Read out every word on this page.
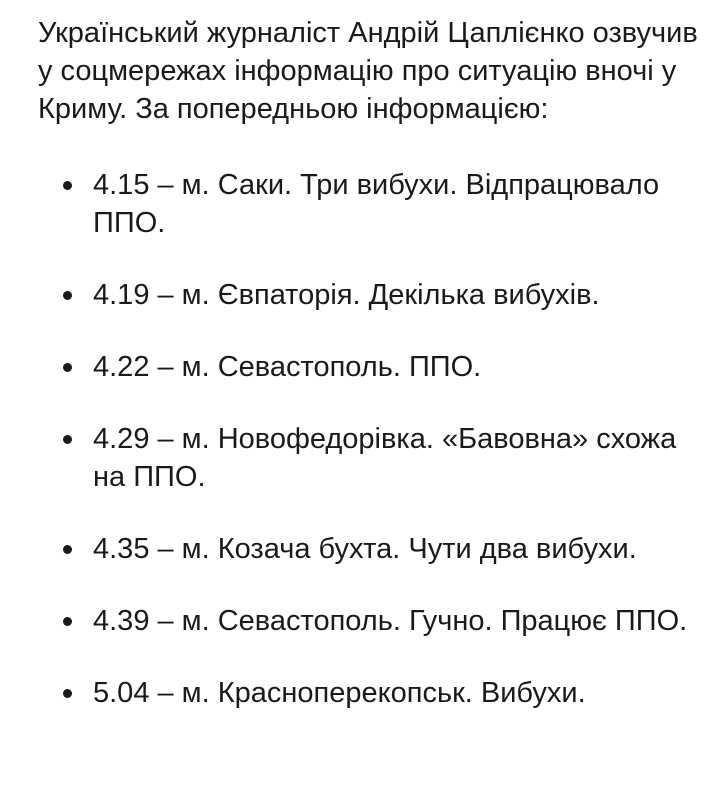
Український журналіст Андрій Цаплієнко озвучив у соцмережах інформацію про ситуацію вночі у Криму. За попередньою інформацією:

4.15 – м. Саки. Три вибухи. Відпрацювало ППО.
4.19 – м. Євпаторія. Декілька вибухів.
4.22 – м. Севастополь. ППО.
4.29 – м. Новофедорівка. «Бавовна» схожа на ППО.
4.35 – м. Козача бухта. Чути два вибухи.
4.39 – м. Севастополь. Гучно. Працює ППО.
5.04 – м. Красноперекопськ. Вибухи.
